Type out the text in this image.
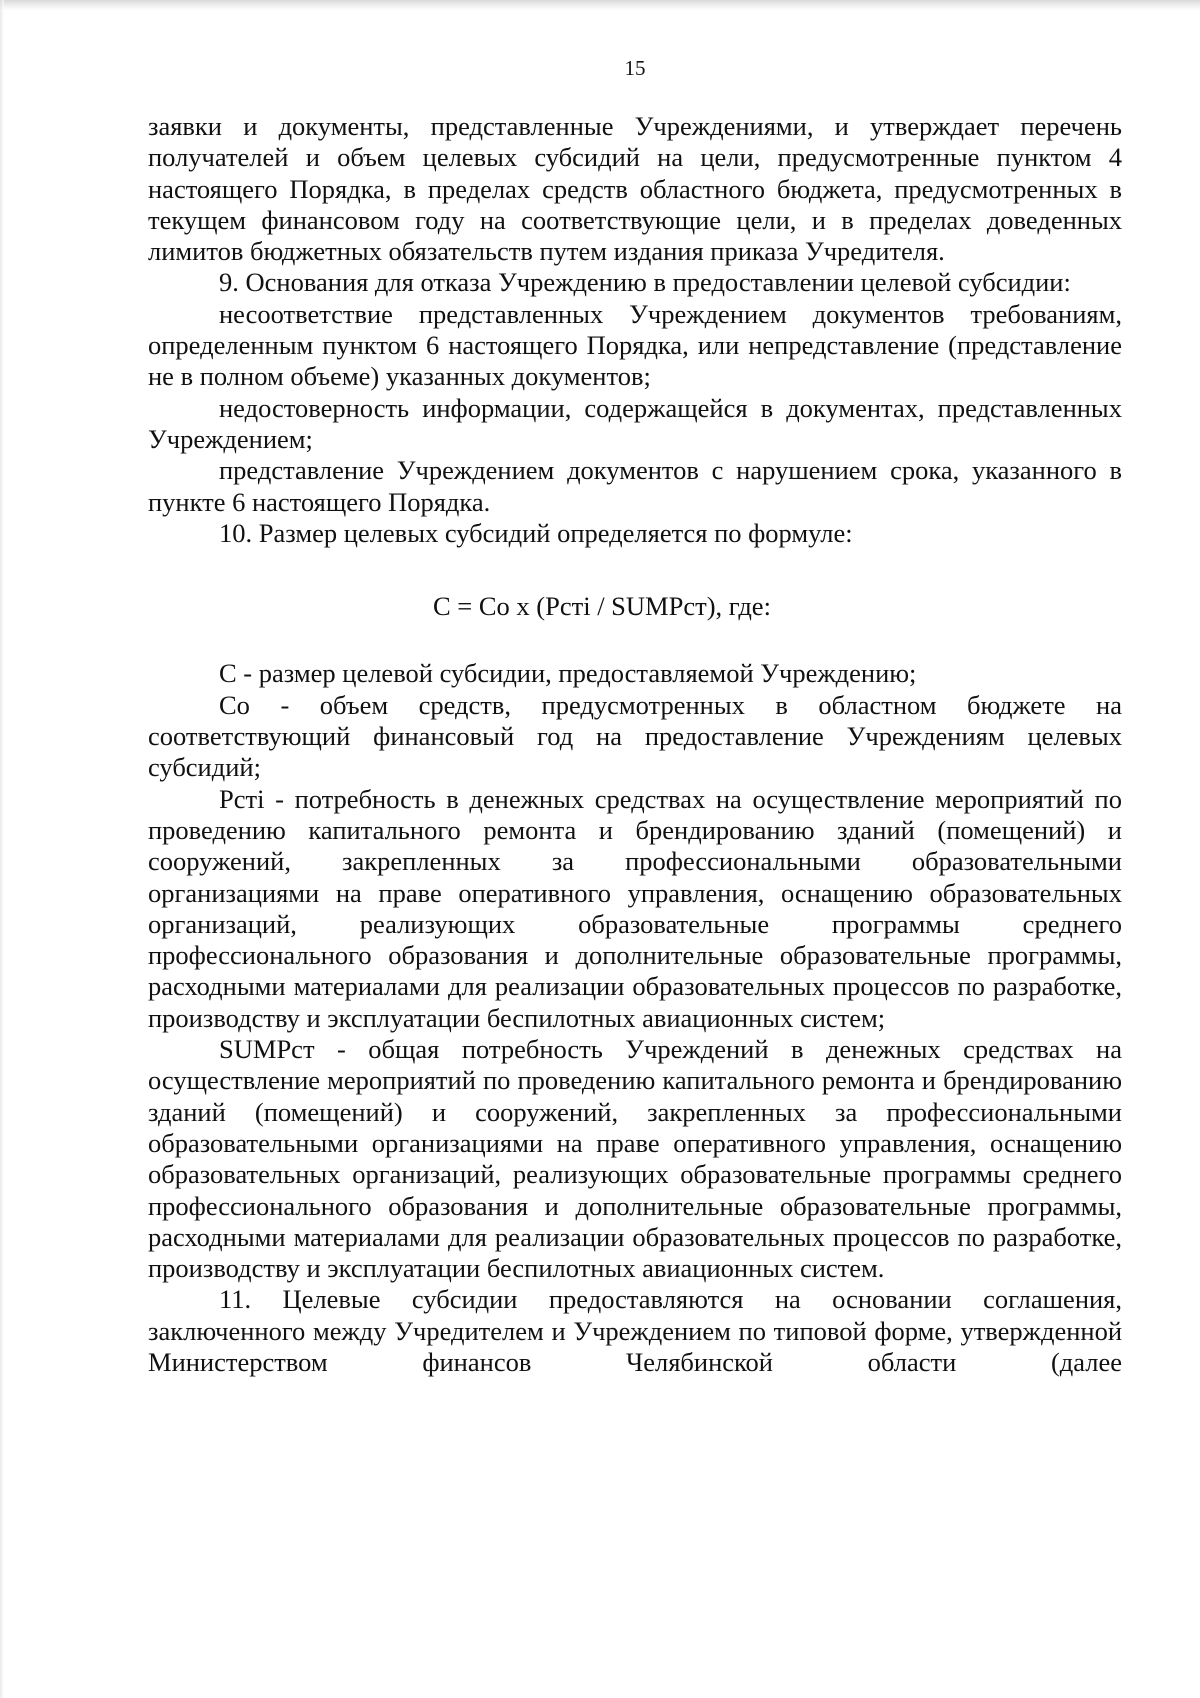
15

заявки и документы, представленные Учреждениями, и утверждает перечень получателей и объем целевых субсидий на цели, предусмотренные пунктом 4 настоящего Порядка, в пределах средств областного бюджета, предусмотренных в текущем финансовом году на соответствующие цели, и в пределах доведенных лимитов бюджетных обязательств путем издания приказа Учредителя.

9. Основания для отказа Учреждению в предоставлении целевой субсидии:

несоответствие представленных Учреждением документов требованиям, определенным пунктом 6 настоящего Порядка, или непредставление (представление не в полном объеме) указанных документов;

недостоверность информации, содержащейся в документах, представленных Учреждением;

представление Учреждением документов с нарушением срока, указанного в пункте 6 настоящего Порядка.

10. Размер целевых субсидий определяется по формуле:

С = Со х (Рстi / SUMРст), где:

С - размер целевой субсидии, предоставляемой Учреждению;

Со - объем средств, предусмотренных в областном бюджете на соответствующий финансовый год на предоставление Учреждениям целевых субсидий;

Рстi - потребность в денежных средствах на осуществление мероприятий по проведению капитального ремонта и брендированию зданий (помещений) и сооружений, закрепленных за профессиональными образовательными организациями на праве оперативного управления, оснащению образовательных организаций, реализующих образовательные программы среднего профессионального образования и дополнительные образовательные программы, расходными материалами для реализации образовательных процессов по разработке, производству и эксплуатации беспилотных авиационных систем;

SUMРст - общая потребность Учреждений в денежных средствах на осуществление мероприятий по проведению капитального ремонта и брендированию зданий (помещений) и сооружений, закрепленных за профессиональными образовательными организациями на праве оперативного управления, оснащению образовательных организаций, реализующих образовательные программы среднего профессионального образования и дополнительные образовательные программы, расходными материалами для реализации образовательных процессов по разработке, производству и эксплуатации беспилотных авиационных систем.

11. Целевые субсидии предоставляются на основании соглашения, заключенного между Учредителем и Учреждением по типовой форме, утвержденной Министерством финансов Челябинской области (далее
